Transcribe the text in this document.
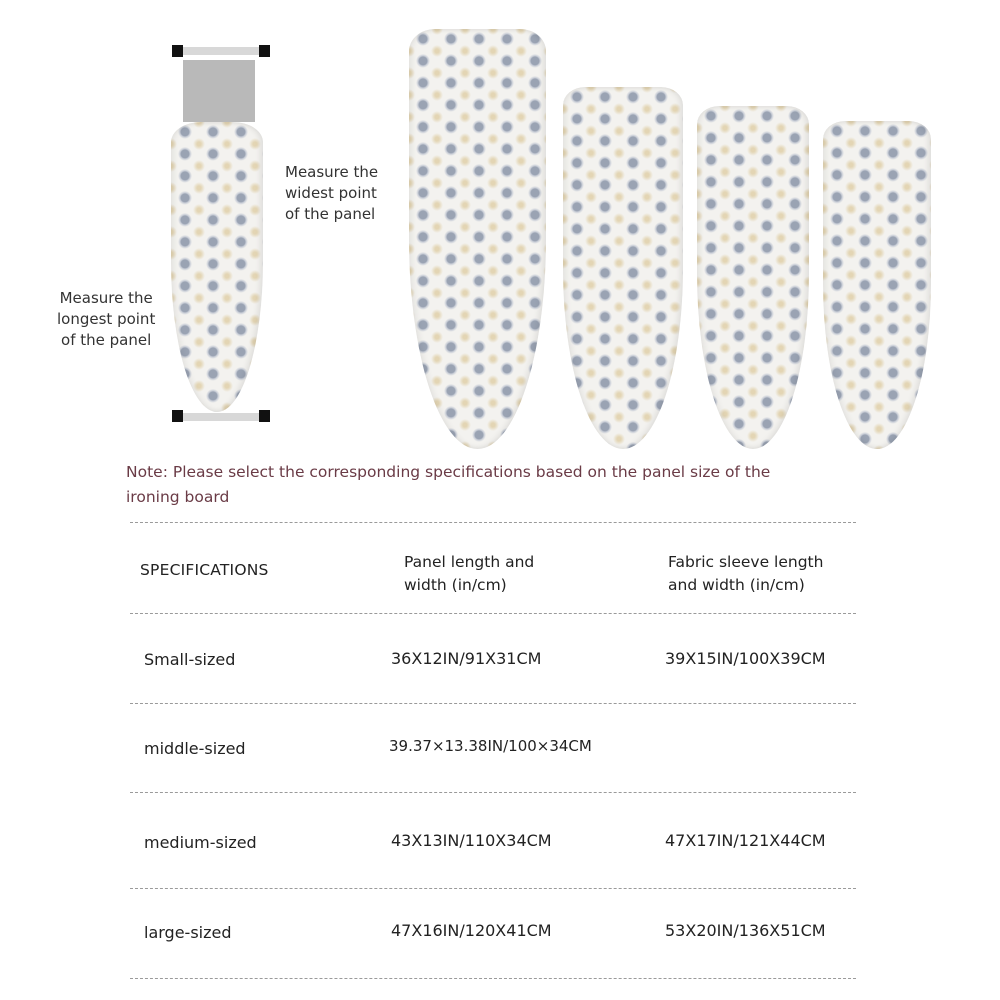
Measure the
widest point
of the panel
Measure the
longest point
of the panel
Note: Please select the corresponding specifications based on the panel size of the ironing board
SPECIFICATIONS	Panel length and
width (in/cm)
Fabric sleeve length
and width (in/cm)
Small-sized	36X12IN/91X31CM	39X15IN/100X39CM
middle-sized	39.37×13.38IN/100×34CM
medium-sized	43X13IN/110X34CM	47X17IN/121X44CM
large-sized	47X16IN/120X41CM	53X20IN/136X51CM
